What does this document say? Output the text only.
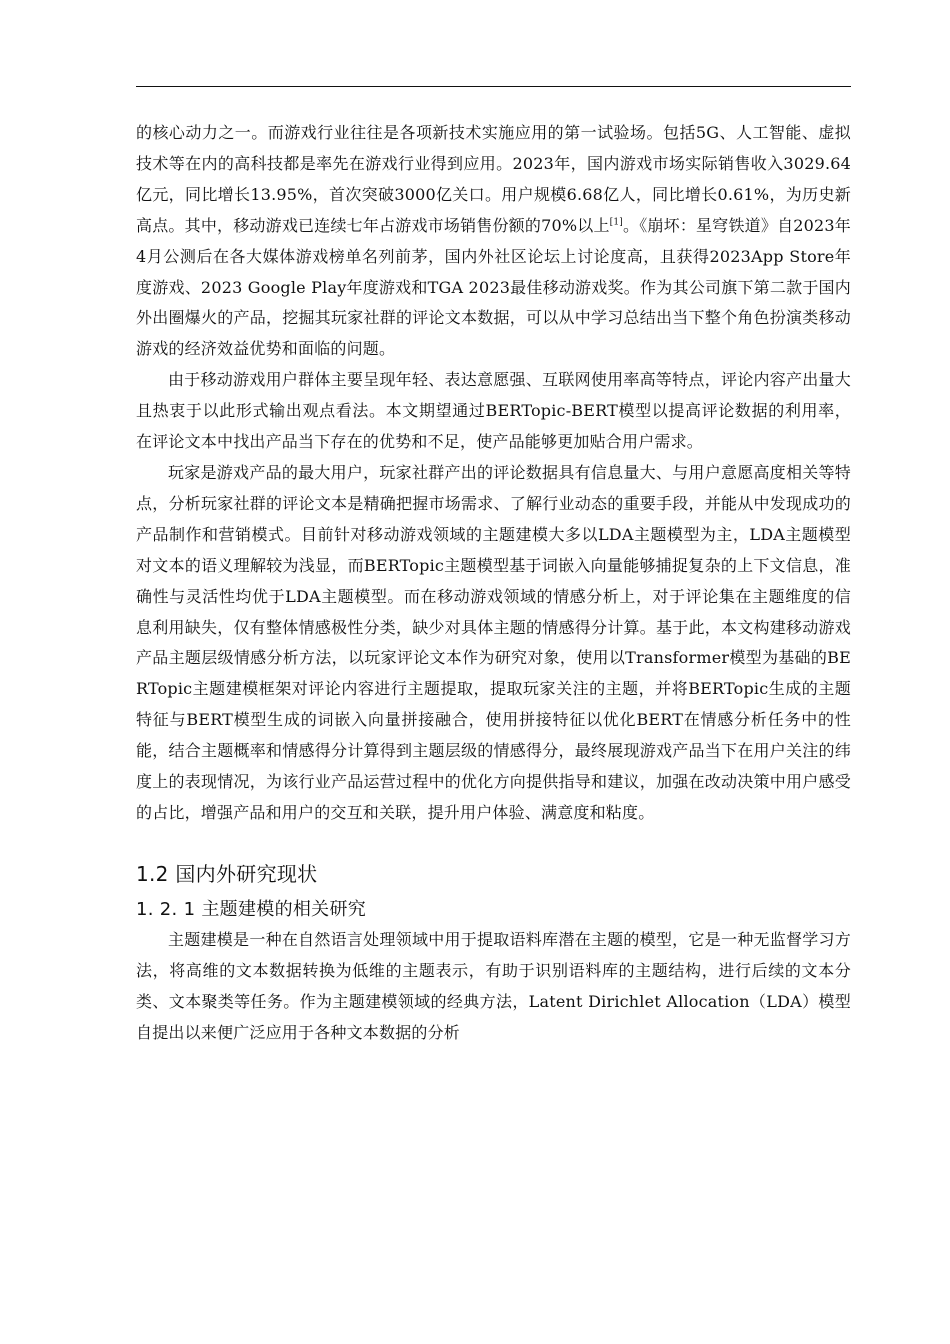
的核心动力之一。而游戏行业往往是各项新技术实施应用的第一试验场。包括5G、人工智能、虚拟技术等在内的高科技都是率先在游戏行业得到应用。2023年，国内游戏市场实际销售收入3029.64亿元，同比增长13.95%，首次突破3000亿关口。用户规模6.68亿人，同比增长0.61%，为历史新高点。其中，移动游戏已连续七年占游戏市场销售份额的70%以上[1]。《崩坏：星穹铁道》自2023年4月公测后在各大媒体游戏榜单名列前茅，国内外社区论坛上讨论度高，且获得2023App Store年度游戏、2023 Google Play年度游戏和TGA 2023最佳移动游戏奖。作为其公司旗下第二款于国内外出圈爆火的产品，挖掘其玩家社群的评论文本数据，可以从中学习总结出当下整个角色扮演类移动游戏的经济效益优势和面临的问题。

由于移动游戏用户群体主要呈现年轻、表达意愿强、互联网使用率高等特点，评论内容产出量大且热衷于以此形式输出观点看法。本文期望通过BERTopic-BERT模型以提高评论数据的利用率，在评论文本中找出产品当下存在的优势和不足，使产品能够更加贴合用户需求。

玩家是游戏产品的最大用户，玩家社群产出的评论数据具有信息量大、与用户意愿高度相关等特点，分析玩家社群的评论文本是精确把握市场需求、了解行业动态的重要手段，并能从中发现成功的产品制作和营销模式。目前针对移动游戏领域的主题建模大多以LDA主题模型为主，LDA主题模型对文本的语义理解较为浅显，而BERTopic主题模型基于词嵌入向量能够捕捉复杂的上下文信息，准确性与灵活性均优于LDA主题模型。而在移动游戏领域的情感分析上，对于评论集在主题维度的信息利用缺失，仅有整体情感极性分类，缺少对具体主题的情感得分计算。基于此，本文构建移动游戏产品主题层级情感分析方法，以玩家评论文本作为研究对象，使用以Transformer模型为基础的BERTopic主题建模框架对评论内容进行主题提取，提取玩家关注的主题，并将BERTopic生成的主题特征与BERT模型生成的词嵌入向量拼接融合，使用拼接特征以优化BERT在情感分析任务中的性能，结合主题概率和情感得分计算得到主题层级的情感得分，最终展现游戏产品当下在用户关注的纬度上的表现情况，为该行业产品运营过程中的优化方向提供指导和建议，加强在改动决策中用户感受的占比，增强产品和用户的交互和关联，提升用户体验、满意度和粘度。

1.2 国内外研究现状
1. 2. 1 主题建模的相关研究

主题建模是一种在自然语言处理领域中用于提取语料库潜在主题的模型，它是一种无监督学习方法，将高维的文本数据转换为低维的主题表示，有助于识别语料库的主题结构，进行后续的文本分类、文本聚类等任务。作为主题建模领域的经典方法，Latent Dirichlet Allocation（LDA）模型自提出以来便广泛应用于各种文本数据的分析
